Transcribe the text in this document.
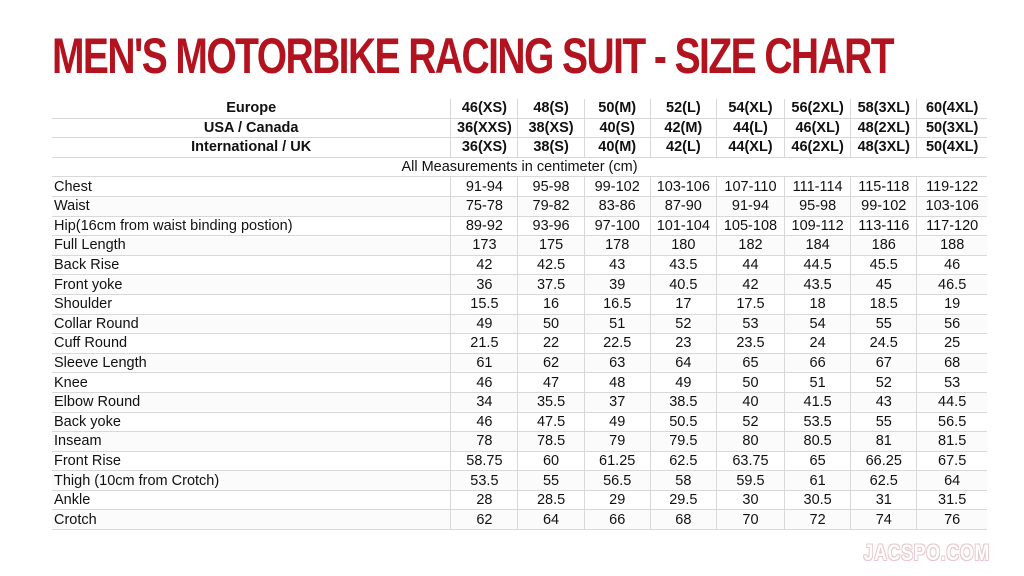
MEN'S MOTORBIKE RACING SUIT - SIZE CHART
Europe	46(XS)	48(S)	50(M)	52(L)	54(XL)	56(2XL)	58(3XL)	60(4XL)
USA / Canada	36(XXS)	38(XS)	40(S)	42(M)	44(L)	46(XL)	48(2XL)	50(3XL)
International / UK	36(XS)	38(S)	40(M)	42(L)	44(XL)	46(2XL)	48(3XL)	50(4XL)
All Measurements in centimeter (cm)								
Chest	91-94	95-98	99-102	103-106	107-110	111-114	115-118	119-122
Waist	75-78	79-82	83-86	87-90	91-94	95-98	99-102	103-106
Hip(16cm from waist binding postion)	89-92	93-96	97-100	101-104	105-108	109-112	113-116	117-120
Full Length	173	175	178	180	182	184	186	188
Back Rise	42	42.5	43	43.5	44	44.5	45.5	46
Front yoke	36	37.5	39	40.5	42	43.5	45	46.5
Shoulder	15.5	16	16.5	17	17.5	18	18.5	19
Collar Round	49	50	51	52	53	54	55	56
Cuff Round	21.5	22	22.5	23	23.5	24	24.5	25
Sleeve Length	61	62	63	64	65	66	67	68
Knee	46	47	48	49	50	51	52	53
Elbow Round	34	35.5	37	38.5	40	41.5	43	44.5
Back yoke	46	47.5	49	50.5	52	53.5	55	56.5
Inseam	78	78.5	79	79.5	80	80.5	81	81.5
Front Rise	58.75	60	61.25	62.5	63.75	65	66.25	67.5
Thigh (10cm from Crotch)	53.5	55	56.5	58	59.5	61	62.5	64
Ankle	28	28.5	29	29.5	30	30.5	31	31.5
Crotch	62	64	66	68	70	72	74	76
JACSPO.COM
